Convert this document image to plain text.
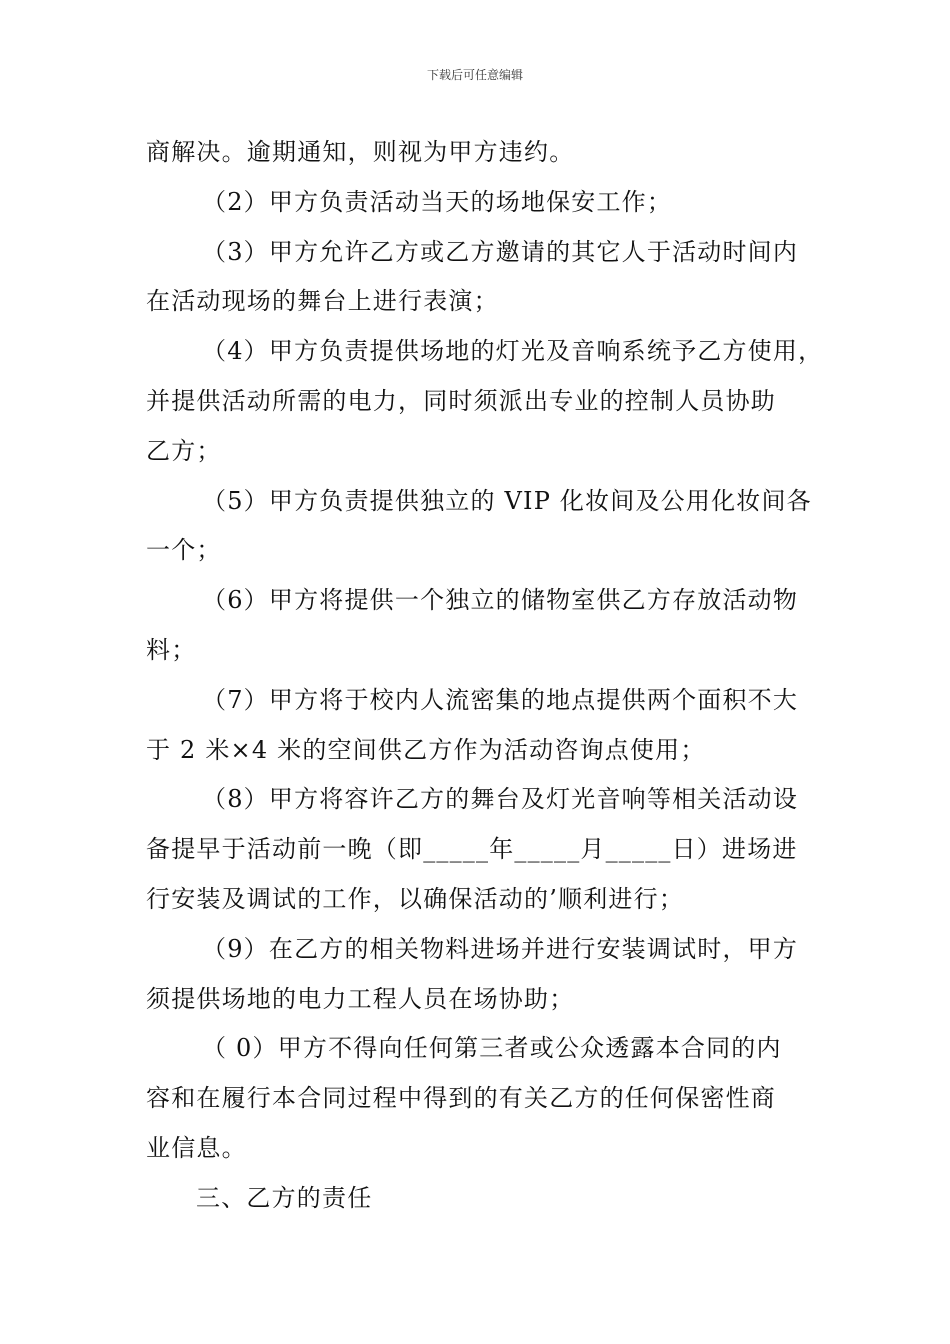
下载后可任意编辑
商解决。逾期通知，则视为甲方违约。
（2）甲方负责活动当天的场地保安工作；
（3）甲方允许乙方或乙方邀请的其它人于活动时间内
在活动现场的舞台上进行表演；
（4）甲方负责提供场地的灯光及音响系统予乙方使用，
并提供活动所需的电力，同时须派出专业的控制人员协助
乙方；
（5）甲方负责提供独立的 VIP 化妆间及公用化妆间各
一个；
（6）甲方将提供一个独立的储物室供乙方存放活动物
料；
（7）甲方将于校内人流密集的地点提供两个面积不大
于 2 米×4 米的空间供乙方作为活动咨询点使用；
（8）甲方将容许乙方的舞台及灯光音响等相关活动设
备提早于活动前一晚（即_____年_____月_____日）进场进
行安装及调试的工作，以确保活动的’顺利进行；
（9）在乙方的相关物料进场并进行安装调试时，甲方
须提供场地的电力工程人员在场协助；
（ 0）甲方不得向任何第三者或公众透露本合同的内
容和在履行本合同过程中得到的有关乙方的任何保密性商
业信息。
三、乙方的责任
